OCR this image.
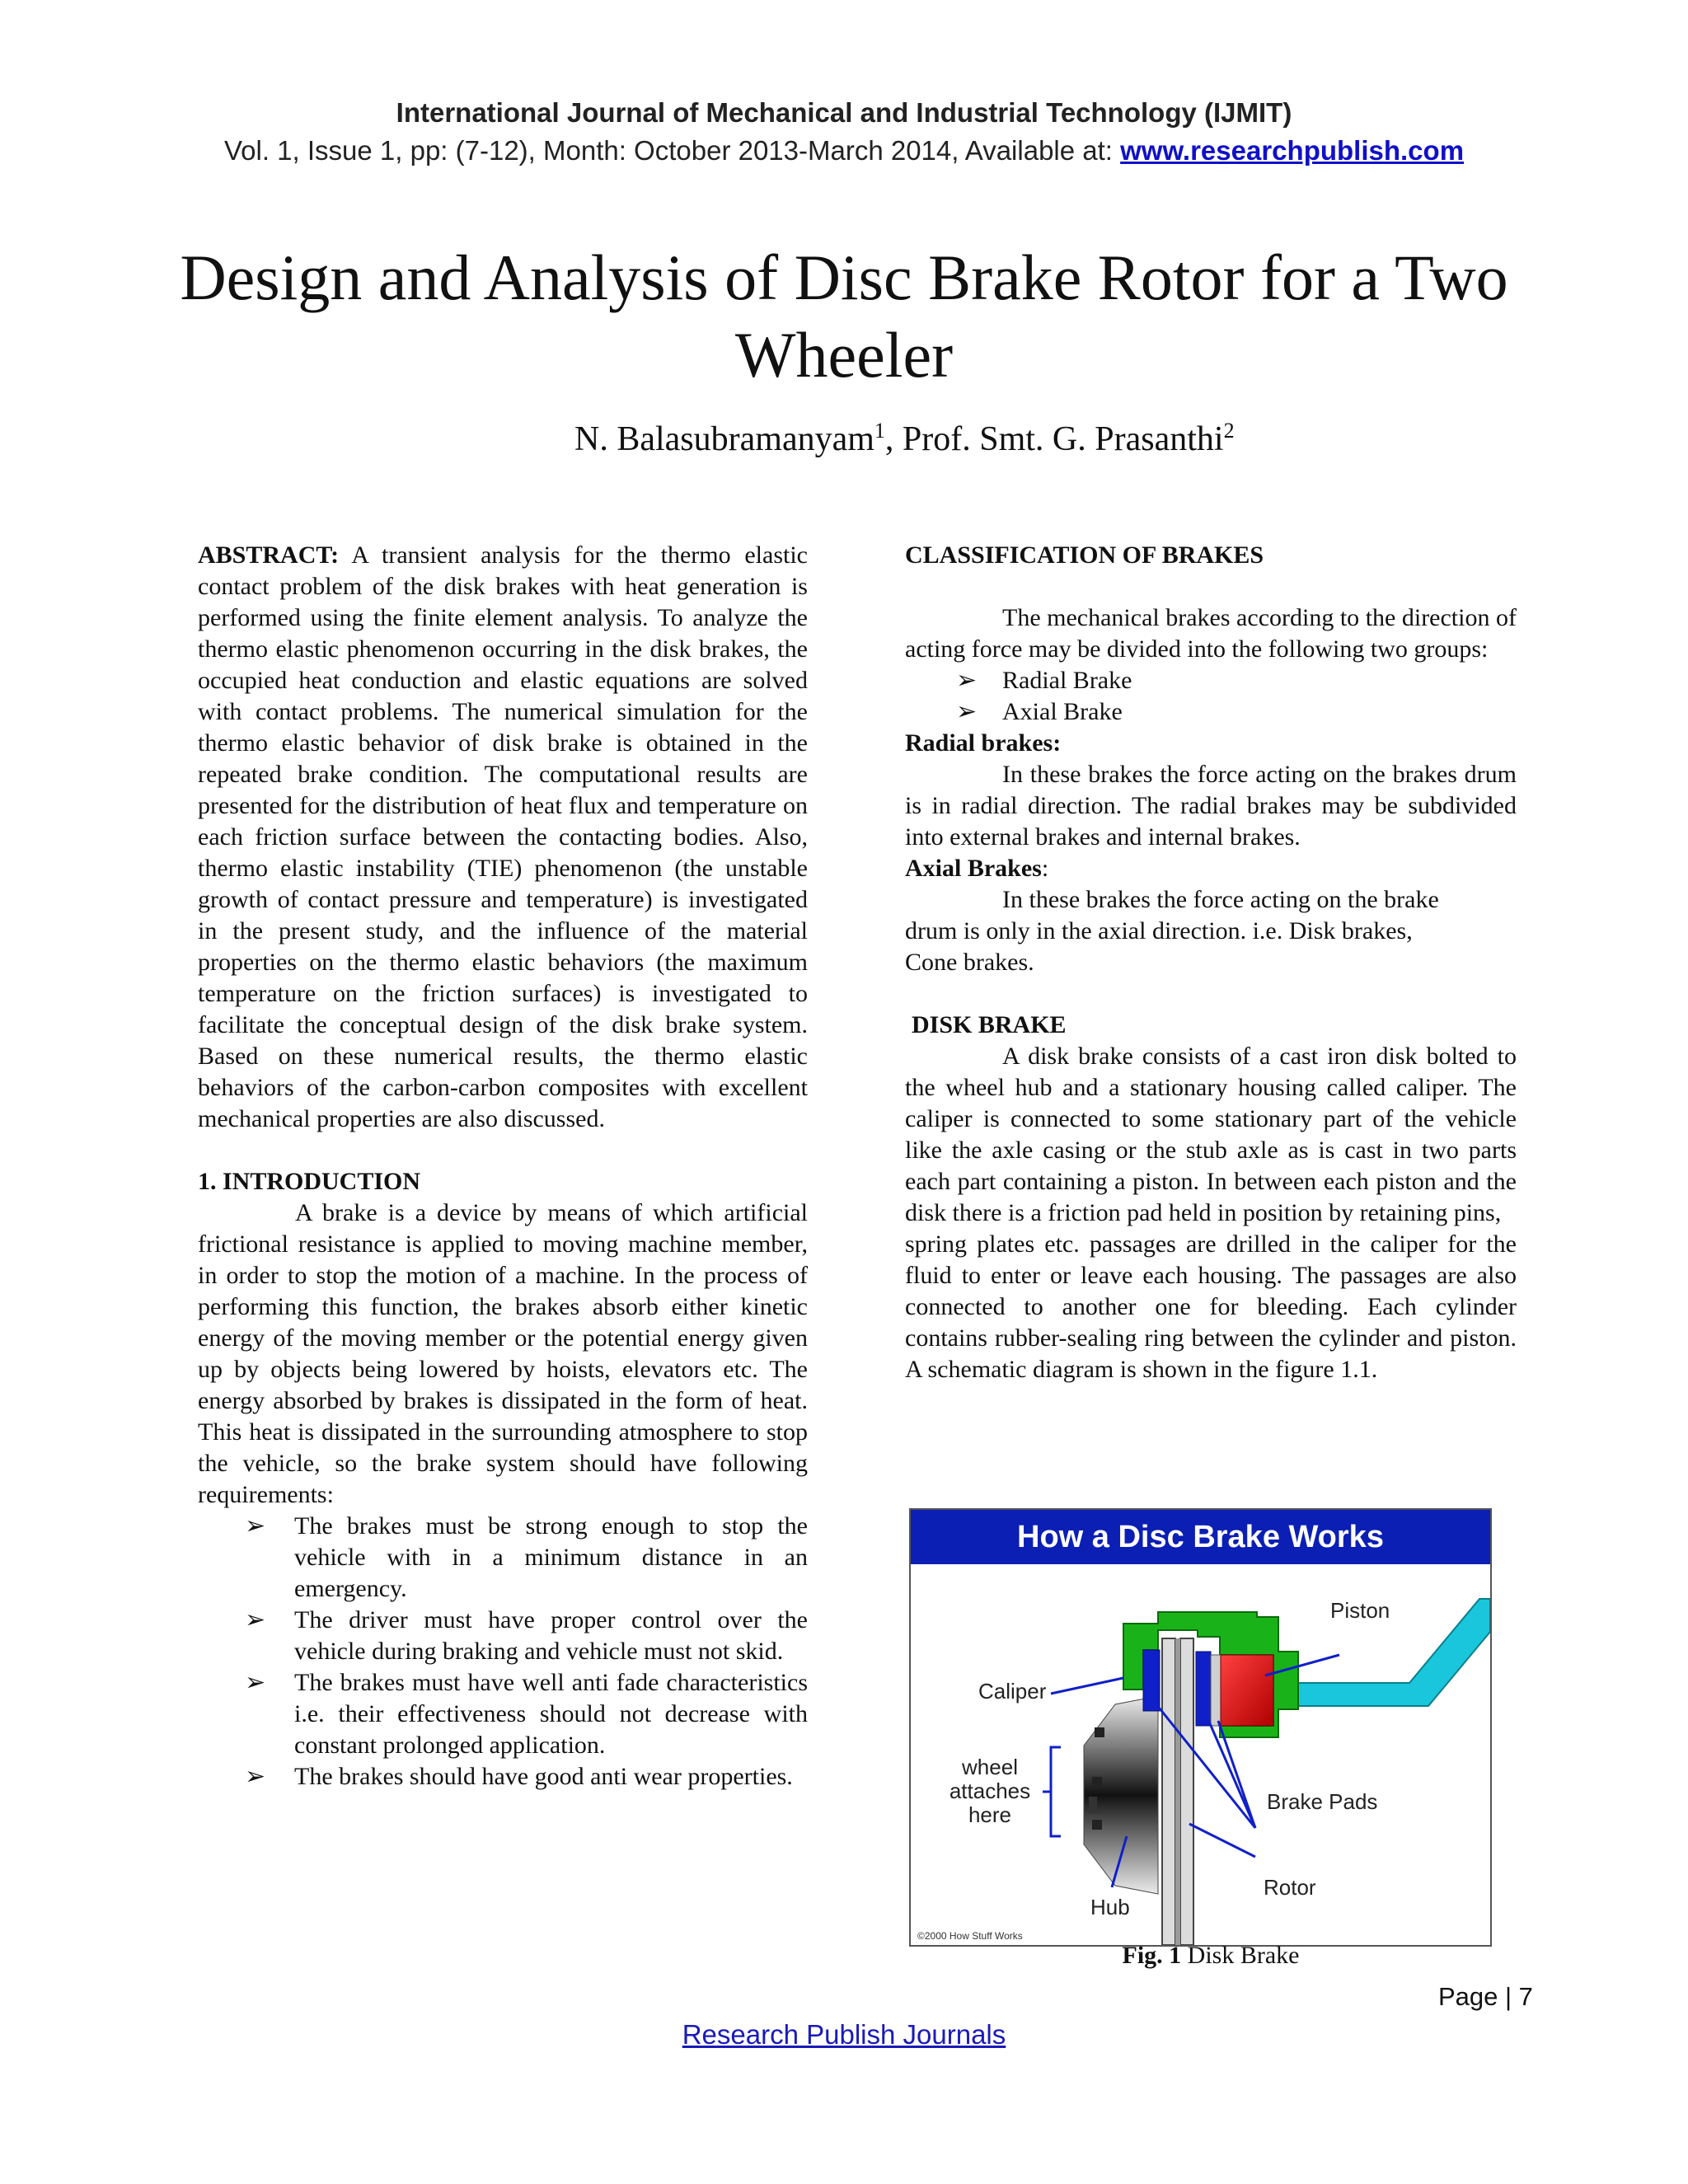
International Journal of Mechanical and Industrial Technology (IJMIT)
Vol. 1, Issue 1, pp: (7-12), Month: October 2013-March 2014, Available at: www.researchpublish.com
Design and Analysis of Disc Brake Rotor for a Two Wheeler
N. Balasubramanyam$^1$, Prof. Smt. G. Prasanthi$^2$

ABSTRACT: A transient analysis for the thermo elastic contact problem of the disk brakes with heat generation is performed using the finite element analysis. To analyze the thermo elastic phenomenon occurring in the disk brakes, the occupied heat conduction and elastic equations are solved with contact problems. The numerical simulation for the thermo elastic behavior of disk brake is obtained in the repeated brake condition. The computational results are presented for the distribution of heat flux and temperature on each friction surface between the contacting bodies. Also, thermo elastic instability (TIE) phenomenon (the unstable growth of contact pressure and temperature) is investigated in the present study, and the influence of the material properties on the thermo elastic behaviors (the maximum temperature on the friction surfaces) is investigated to facilitate the conceptual design of the disk brake system. Based on these numerical results, the thermo elastic behaviors of the carbon-carbon composites with excellent mechanical properties are also discussed.

1. INTRODUCTION

A brake is a device by means of which artificial frictional resistance is applied to moving machine member, in order to stop the motion of a machine. In the process of performing this function, the brakes absorb either kinetic energy of the moving member or the potential energy given up by objects being lowered by hoists, elevators etc. The energy absorbed by brakes is dissipated in the form of heat. This heat is dissipated in the surrounding atmosphere to stop the vehicle, so the brake system should have following requirements:

➢ The brakes must be strong enough to stop the vehicle with in a minimum distance in an emergency.
➢ The driver must have proper control over the vehicle during braking and vehicle must not skid.
➢ The brakes must have well anti fade characteristics i.e. their effectiveness should not decrease with constant prolonged application.
➢ The brakes should have good anti wear properties.
CLASSIFICATION OF BRAKES

The mechanical brakes according to the direction of acting force may be divided into the following two groups:

➢ Radial Brake
➢ Axial Brake
Radial brakes:

In these brakes the force acting on the brakes drum is in radial direction. The radial brakes may be subdivided into external brakes and internal brakes.

Axial Brakes:
In these brakes the force acting on the brake
drum is only in the axial direction. i.e. Disk brakes,
Cone brakes.
DISK BRAKE

A disk brake consists of a cast iron disk bolted to the wheel hub and a stationary housing called caliper. The caliper is connected to some stationary part of the vehicle like the axle casing or the stub axle as is cast in two parts each part containing a piston. In between each piston and the disk there is a friction pad held in position by retaining pins,

spring plates etc. passages are drilled in the caliper for the fluid to enter or leave each housing. The passages are also connected to another one for bleeding. Each cylinder contains rubber-sealing ring between the cylinder and piston. A schematic diagram is shown in the figure 1.1.

How a Disc Brake Works
Piston
Caliper
wheel
attaches
here
Brake Pads
Rotor
Hub
©2000 How Stuff Works
Fig. 1 Disk Brake
Page | 7
Research Publish Journals
